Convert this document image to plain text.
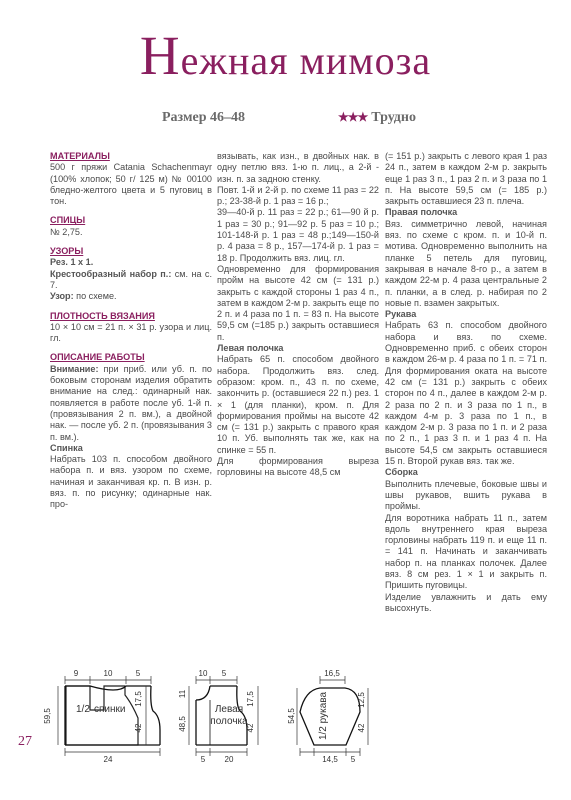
Нежная мимоза
Размер 46–48	★★★ Трудно

МАТЕРИАЛЫ

500 г пряжи Catania Schachenmayr (100% хлопок; 50 г/ 125 м) № 00100 бледно-желтого цвета и 5 пуговиц в тон.

СПИЦЫ

№ 2,75.

УЗОРЫ

Рез. 1 х 1.

Крестообразный набор п.: см. на с. 7.

Узор: по схеме.

ПЛОТНОСТЬ ВЯЗАНИЯ

10 × 10 см = 21 п. × 31 р. узора и лиц. гл.

ОПИСАНИЕ РАБОТЫ

Внимание: при приб. или уб. п. по боковым сторонам изделия обратить внимание на след.: одинарный нак. появляется в работе после уб. 1-й п. (провязывания 2 п. вм.), а двойной нак. — после уб. 2 п. (провязывания 3 п. вм.).

Спинка

Набрать 103 п. способом двойного набора п. и вяз. узором по схеме, начиная и заканчивая кр. п. В изн. р. вяз. п. по рисунку; одинарные нак. про-

вязывать, как изн., в двойных нак. в одну петлю вяз. 1-ю п. лиц., а 2-й - изн. п. за задною стенку.

Повт. 1-й и 2-й р. по схеме 11 раз = 22 р.; 23-38-й р. 1 раз = 16 р.;

39—40-й р. 11 раз = 22 р.; 61—90 й р. 1 раз = 30 р.; 91—92 р. 5 раз = 10 р.; 101-148-й р. 1 раз = 48 р.;149—150-й р. 4 раза = 8 р., 157—174-й р. 1 раз = 18 р. Продолжить вяз. лиц. гл.

Одновременно для формирования пройм на высоте 42 см (= 131 р.) закрыть с каждой стороны 1 раз 4 п., затем в каждом 2-м р. закрыть еще по 2 п. и 4 раза по 1 п. = 83 п. На высоте 59,5 см (=185 р.) закрыть оставшиеся п.

Левая полочка

Набрать 65 п. способом двойного набора. Продолжить вяз. след. образом: кром. п., 43 п. по схеме, закончить р. (оставшиеся 22 п.) рез. 1 × 1 (для планки), кром. п. Для формирования проймы на высоте 42 см (= 131 р.) закрыть с правого края 10 п. Уб. выполнять так же, как на спинке = 55 п.

Для формирования выреза горловины на высоте 48,5 см

(= 151 р.) закрыть с левого края 1 раз 24 п., затем в каждом 2-м р. закрыть еще 1 раз 3 п., 1 раз 2 п. и 3 раза по 1 п. На высоте 59,5 см (= 185 р.) закрыть оставшиеся 23 п. плеча.

Правая полочка

Вяз. симметрично левой, начиная вяз. по схеме с кром. п. и 10-й п. мотива. Одновременно выполнить на планке 5 петель для пуговиц, закрывая в начале 8-го р., а затем в каждом 22-м р. 4 раза центральные 2 п. планки, а в след. р. набирая по 2 новые п. взамен закрытых.

Рукава

Набрать 63 п. способом двойного набора и вяз. по схеме. Одновременно приб. с обеих сторон в каждом 26-м р. 4 раза по 1 п. = 71 п. Для формирования оката на высоте 42 см (= 131 р.) закрыть с обеих сторон по 4 п., далее в каждом 2-м р. 2 раза по 2 п. и 3 раза по 1 п., в каждом 4-м р. 3 раза по 1 п., в каждом 2-м р. 3 раза по 1 п. и 2 раза по 2 п., 1 раз 3 п. и 1 раз 4 п. На высоте 54,5 см закрыть оставшиеся 15 п. Второй рукав вяз. так же.

Сборка

Выполнить плечевые, боковые швы и швы рукавов, вшить рукава в проймы.

Для воротника набрать 11 п., затем вдоль внутреннего края выреза горловины набрать 119 п. и еще 11 п. = 141 п. Начинать и заканчивать набор п. на планках полочек. Далее вяз. 8 см рез. 1 × 1 и закрыть п. Пришить пуговицы.

Изделие увлажнить и дать ему высохнуть.

9	10	5
59,5
17,5
42
24
1/2 спинки
10 5
11
48,5
17,5
42
5 20
Левая
полочка
16,5
54,5
12,5
42
14,5 5
1/2 рукава
27
